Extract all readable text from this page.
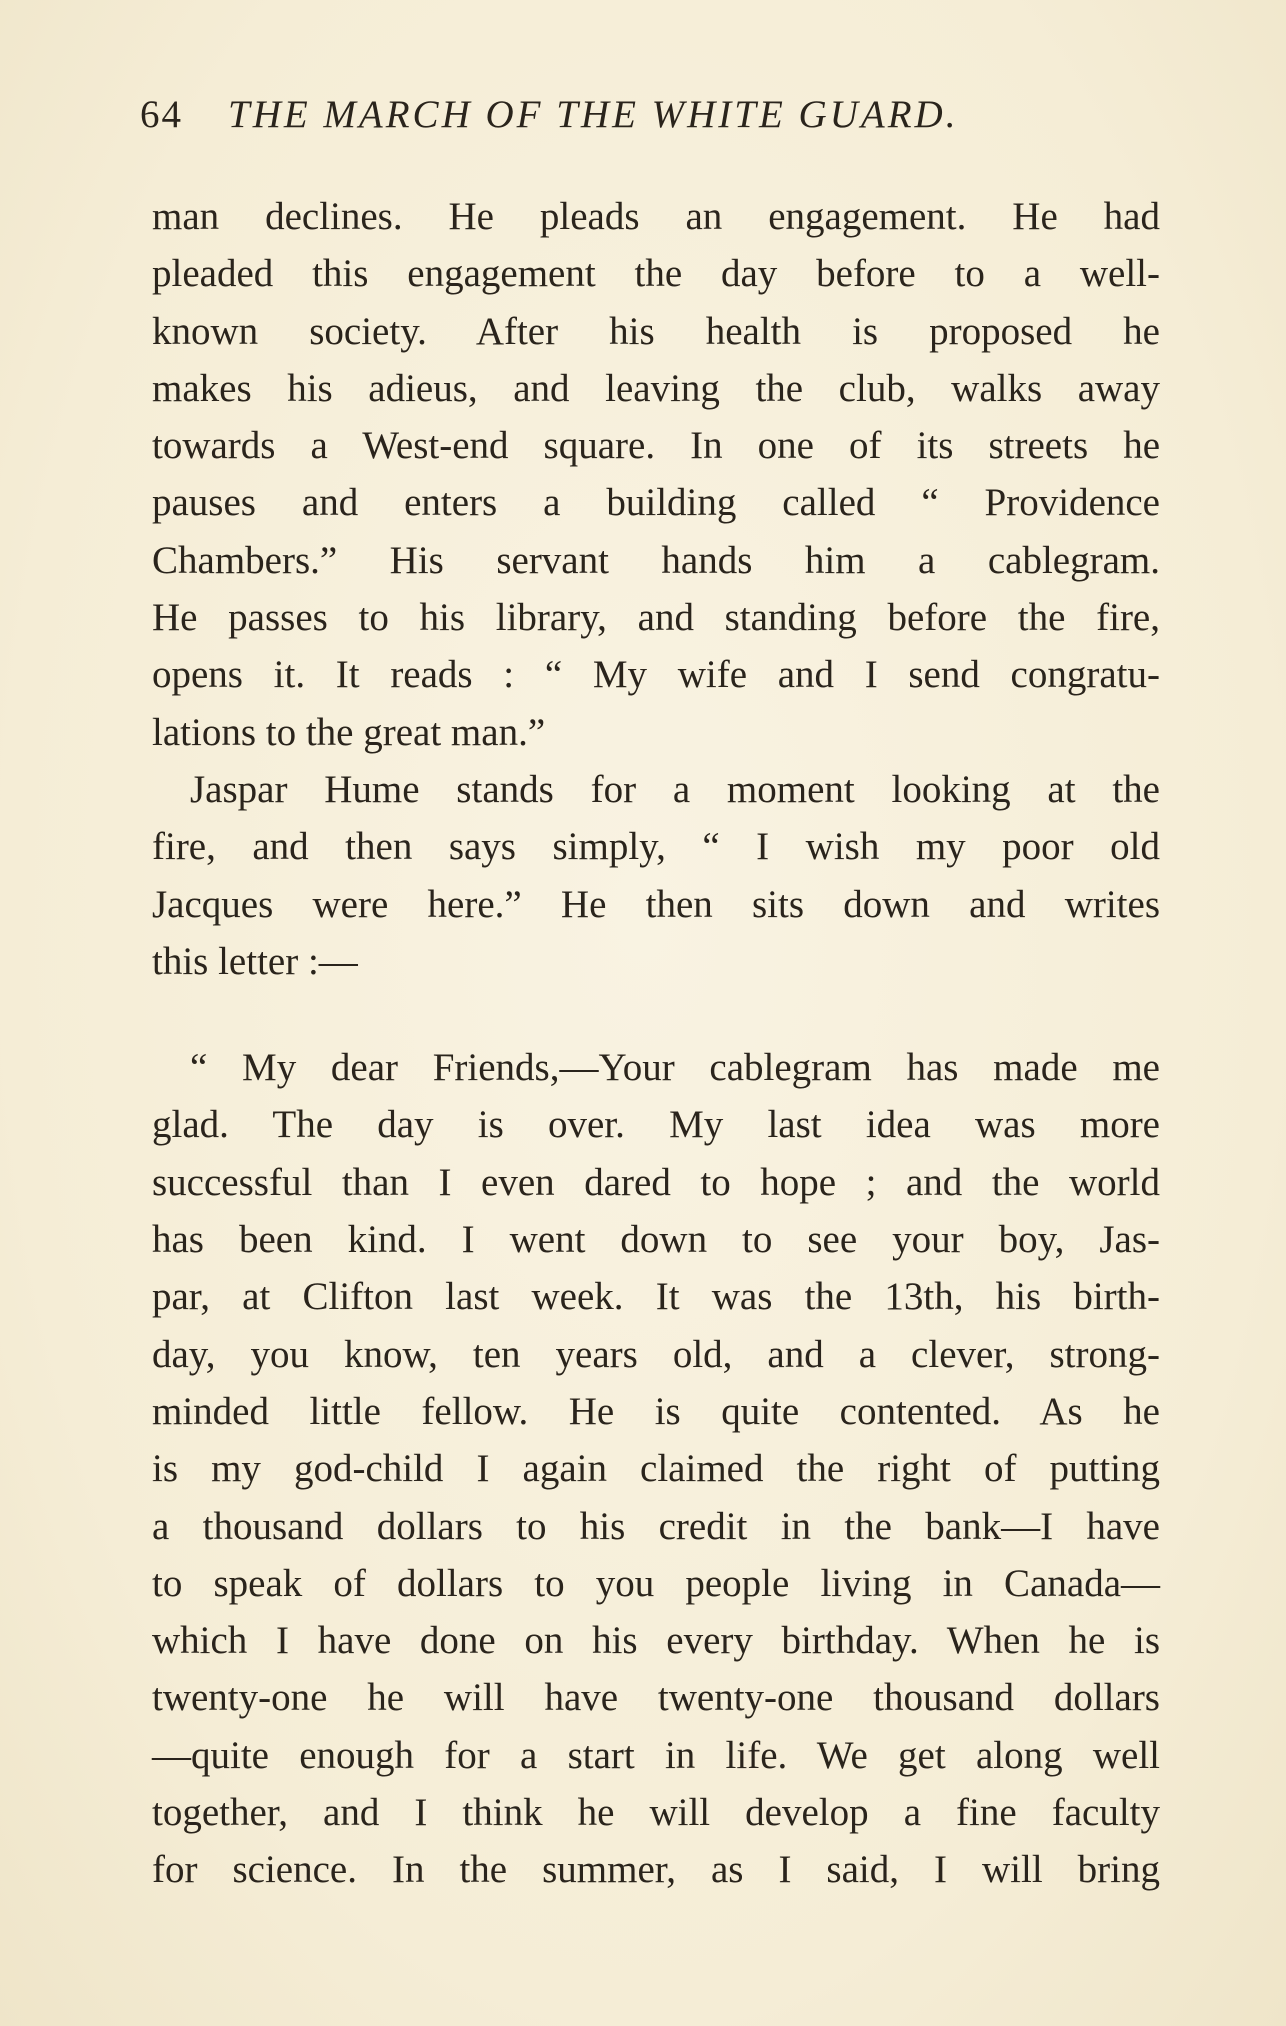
64 THE MARCH OF THE WHITE GUARD.
man declines. He pleads an engagement. He had
pleaded this engagement the day before to a well-
known society. After his health is proposed he
makes his adieus, and leaving the club, walks away
towards a West-end square. In one of its streets he
pauses and enters a building called “ Providence
Chambers.” His servant hands him a cablegram.
He passes to his library, and standing before the fire,
opens it. It reads : “ My wife and I send congratu-
lations to the great man.”
Jaspar Hume stands for a moment looking at the
fire, and then says simply, “ I wish my poor old
Jacques were here.” He then sits down and writes
this letter :—
“ My dear Friends,—Your cablegram has made me
glad. The day is over. My last idea was more
successful than I even dared to hope ; and the world
has been kind. I went down to see your boy, Jas-
par, at Clifton last week. It was the 13th, his birth-
day, you know, ten years old, and a clever, strong-
minded little fellow. He is quite contented. As he
is my god-child I again claimed the right of putting
a thousand dollars to his credit in the bank—I have
to speak of dollars to you people living in Canada—
which I have done on his every birthday. When he is
twenty-one he will have twenty-one thousand dollars
—quite enough for a start in life. We get along well
together, and I think he will develop a fine faculty
for science. In the summer, as I said, I will bring
